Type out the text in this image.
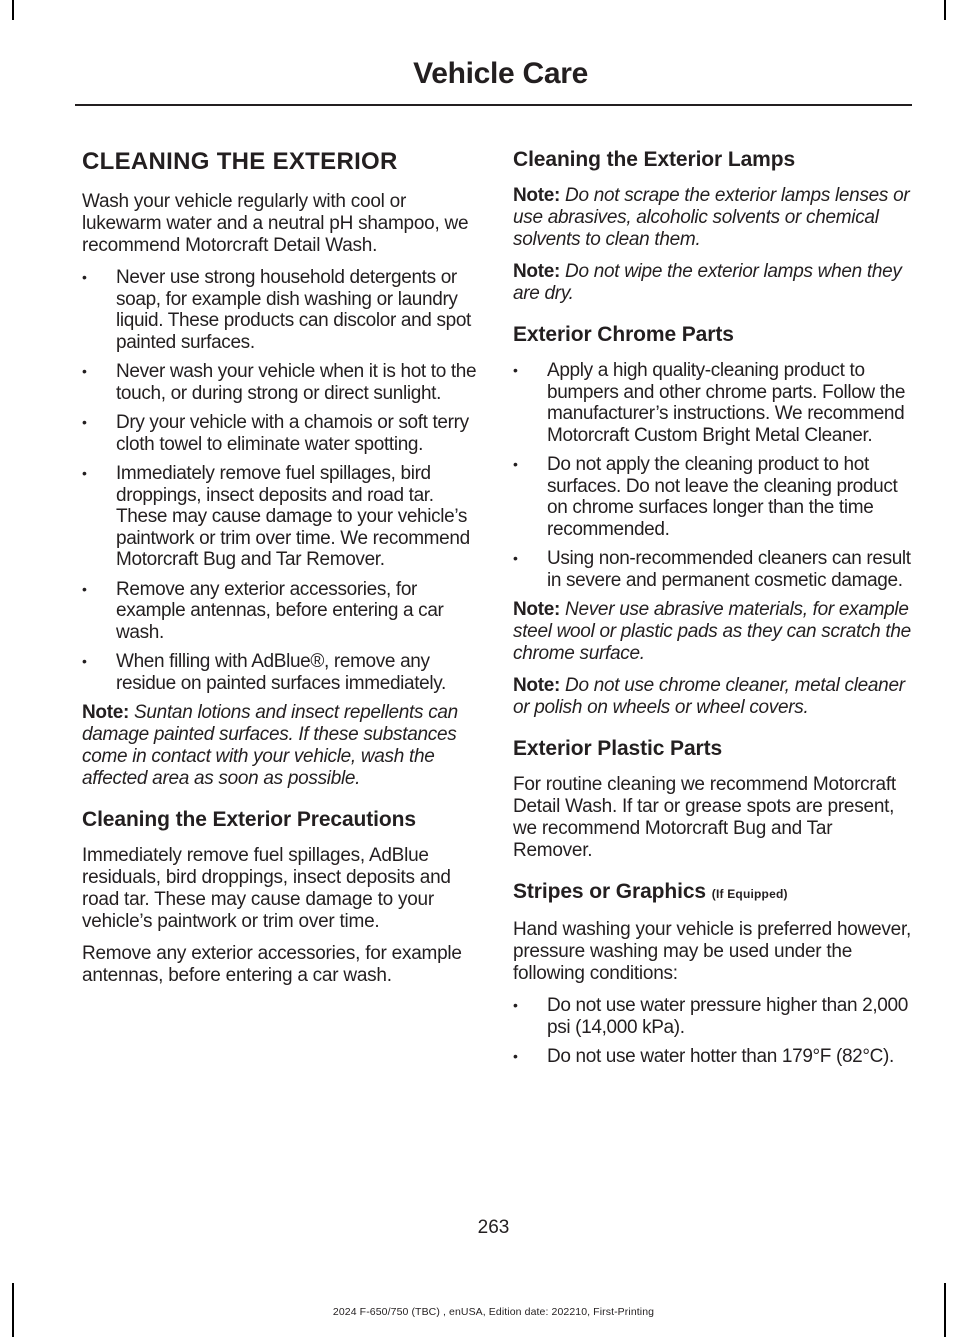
Vehicle Care
CLEANING THE EXTERIOR
Wash your vehicle regularly with cool or lukewarm water and a neutral pH shampoo, we recommend Motorcraft Detail Wash.
• Never use strong household detergents or soap, for example dish washing or laundry liquid. These products can discolor and spot painted surfaces.
• Never wash your vehicle when it is hot to the touch, or during strong or direct sunlight.
• Dry your vehicle with a chamois or soft terry cloth towel to eliminate water spotting.
• Immediately remove fuel spillages, bird droppings, insect deposits and road tar. These may cause damage to your vehicle’s paintwork or trim over time. We recommend Motorcraft Bug and Tar Remover.
• Remove any exterior accessories, for example antennas, before entering a car wash.
• When filling with AdBlue®, remove any residue on painted surfaces immediately.
Note: Suntan lotions and insect repellents can damage painted surfaces. If these substances come in contact with your vehicle, wash the affected area as soon as possible.
Cleaning the Exterior Precautions
Immediately remove fuel spillages, AdBlue residuals, bird droppings, insect deposits and road tar. These may cause damage to your vehicle’s paintwork or trim over time.
Remove any exterior accessories, for example antennas, before entering a car wash.
Cleaning the Exterior Lamps
Note: Do not scrape the exterior lamps lenses or use abrasives, alcoholic solvents or chemical solvents to clean them.
Note: Do not wipe the exterior lamps when they are dry.
Exterior Chrome Parts
• Apply a high quality-cleaning product to bumpers and other chrome parts. Follow the manufacturer’s instructions. We recommend Motorcraft Custom Bright Metal Cleaner.
• Do not apply the cleaning product to hot surfaces. Do not leave the cleaning product on chrome surfaces longer than the time recommended.
• Using non-recommended cleaners can result in severe and permanent cosmetic damage.
Note: Never use abrasive materials, for example steel wool or plastic pads as they can scratch the chrome surface.
Note: Do not use chrome cleaner, metal cleaner or polish on wheels or wheel covers.
Exterior Plastic Parts
For routine cleaning we recommend Motorcraft Detail Wash. If tar or grease spots are present, we recommend Motorcraft Bug and Tar Remover.
Stripes or Graphics (If Equipped)
Hand washing your vehicle is preferred however, pressure washing may be used under the following conditions:
• Do not use water pressure higher than 2,000 psi (14,000 kPa).
• Do not use water hotter than 179°F (82°C).
263
2024 F-650/750 (TBC) , enUSA, Edition date: 202210, First-Printing
